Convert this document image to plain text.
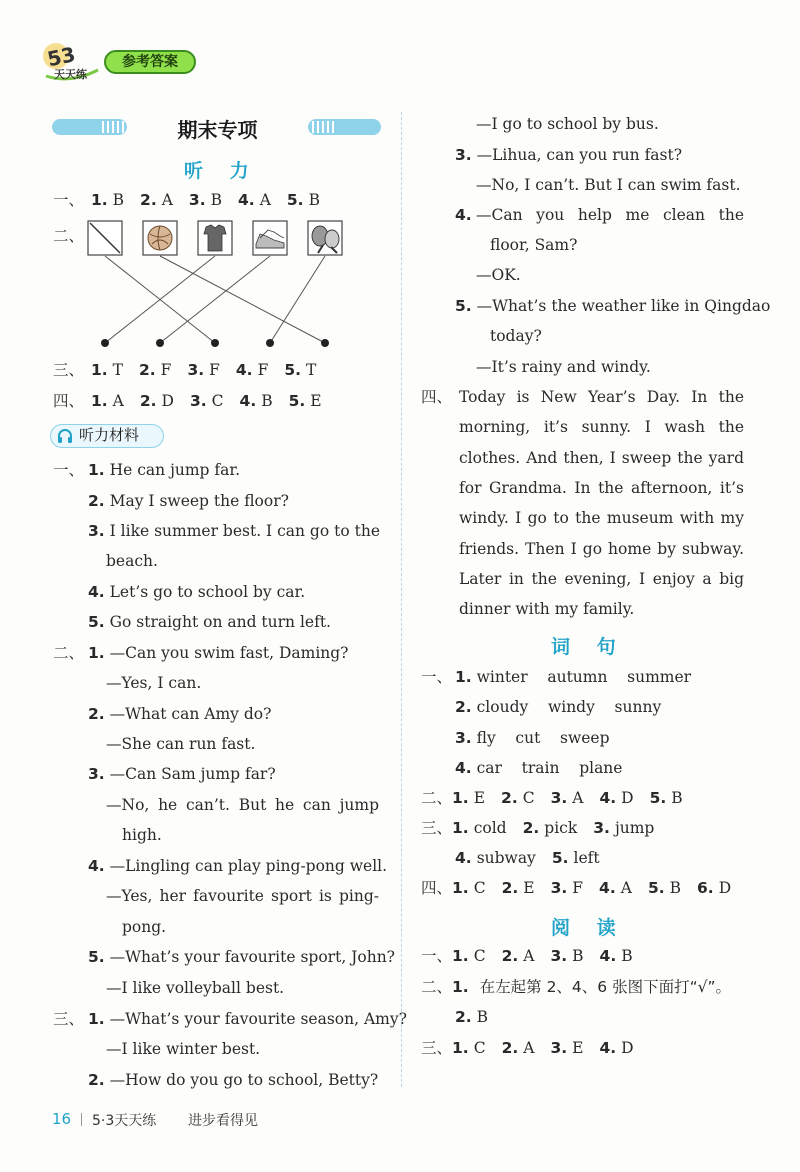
53
天天练
参考答案
期末专项
听 力
一、 1. B 2. A 3. B 4. A 5. B
二、
三、 1. T 2. F 3. F 4. F 5. T
四、 1. A 2. D 3. C 4. B 5. E
听力材料
一、 1. He can jump far.
2. May I sweep the floor?
3. I like summer best. I can go to the
beach.
4. Let’s go to school by car.
5. Go straight on and turn left.
二、 1. —Can you swim fast, Daming?
—Yes, I can.
2. —What can Amy do?
—She can run fast.
3. —Can Sam jump far?
—No, he can’t. But he can jump
high.
4. —Lingling can play ping-pong well.
—Yes, her favourite sport is ping-
pong.
5. —What’s your favourite sport, John?
—I like volleyball best.
三、 1. —What’s your favourite season, Amy?
—I like winter best.
2. —How do you go to school, Betty?
—I go to school by bus.
3. —Lihua, can you run fast?
—No, I can’t. But I can swim fast.
4. —Can you help me clean the
floor, Sam?
—OK.
5. —What’s the weather like in Qingdao
today?
—It’s rainy and windy.
四、 Today is New Year’s Day. In the
morning, it’s sunny. I wash the
clothes. And then, I sweep the yard
for Grandma. In the afternoon, it’s
windy. I go to the museum with my
friends. Then I go home by subway.
Later in the evening, I enjoy a big
dinner with my family.
词 句
一、 1. winter    autumn    summer
2. cloudy    windy    sunny
3. fly    cut    sweep
4. car    train    plane
二、1. E 2. C 3. A 4. D 5. B
三、1. cold 2. pick 3. jump
4. subway 5. left
四、1. C 2. E 3. F 4. A 5. B 6. D
阅 读
一、1. C 2. A 3. B 4. B
二、1. 在左起第 2、4、6 张图下面打“√”。
2. B
三、1. C 2. A 3. E 4. D
16 5·3天天练 进步看得见
